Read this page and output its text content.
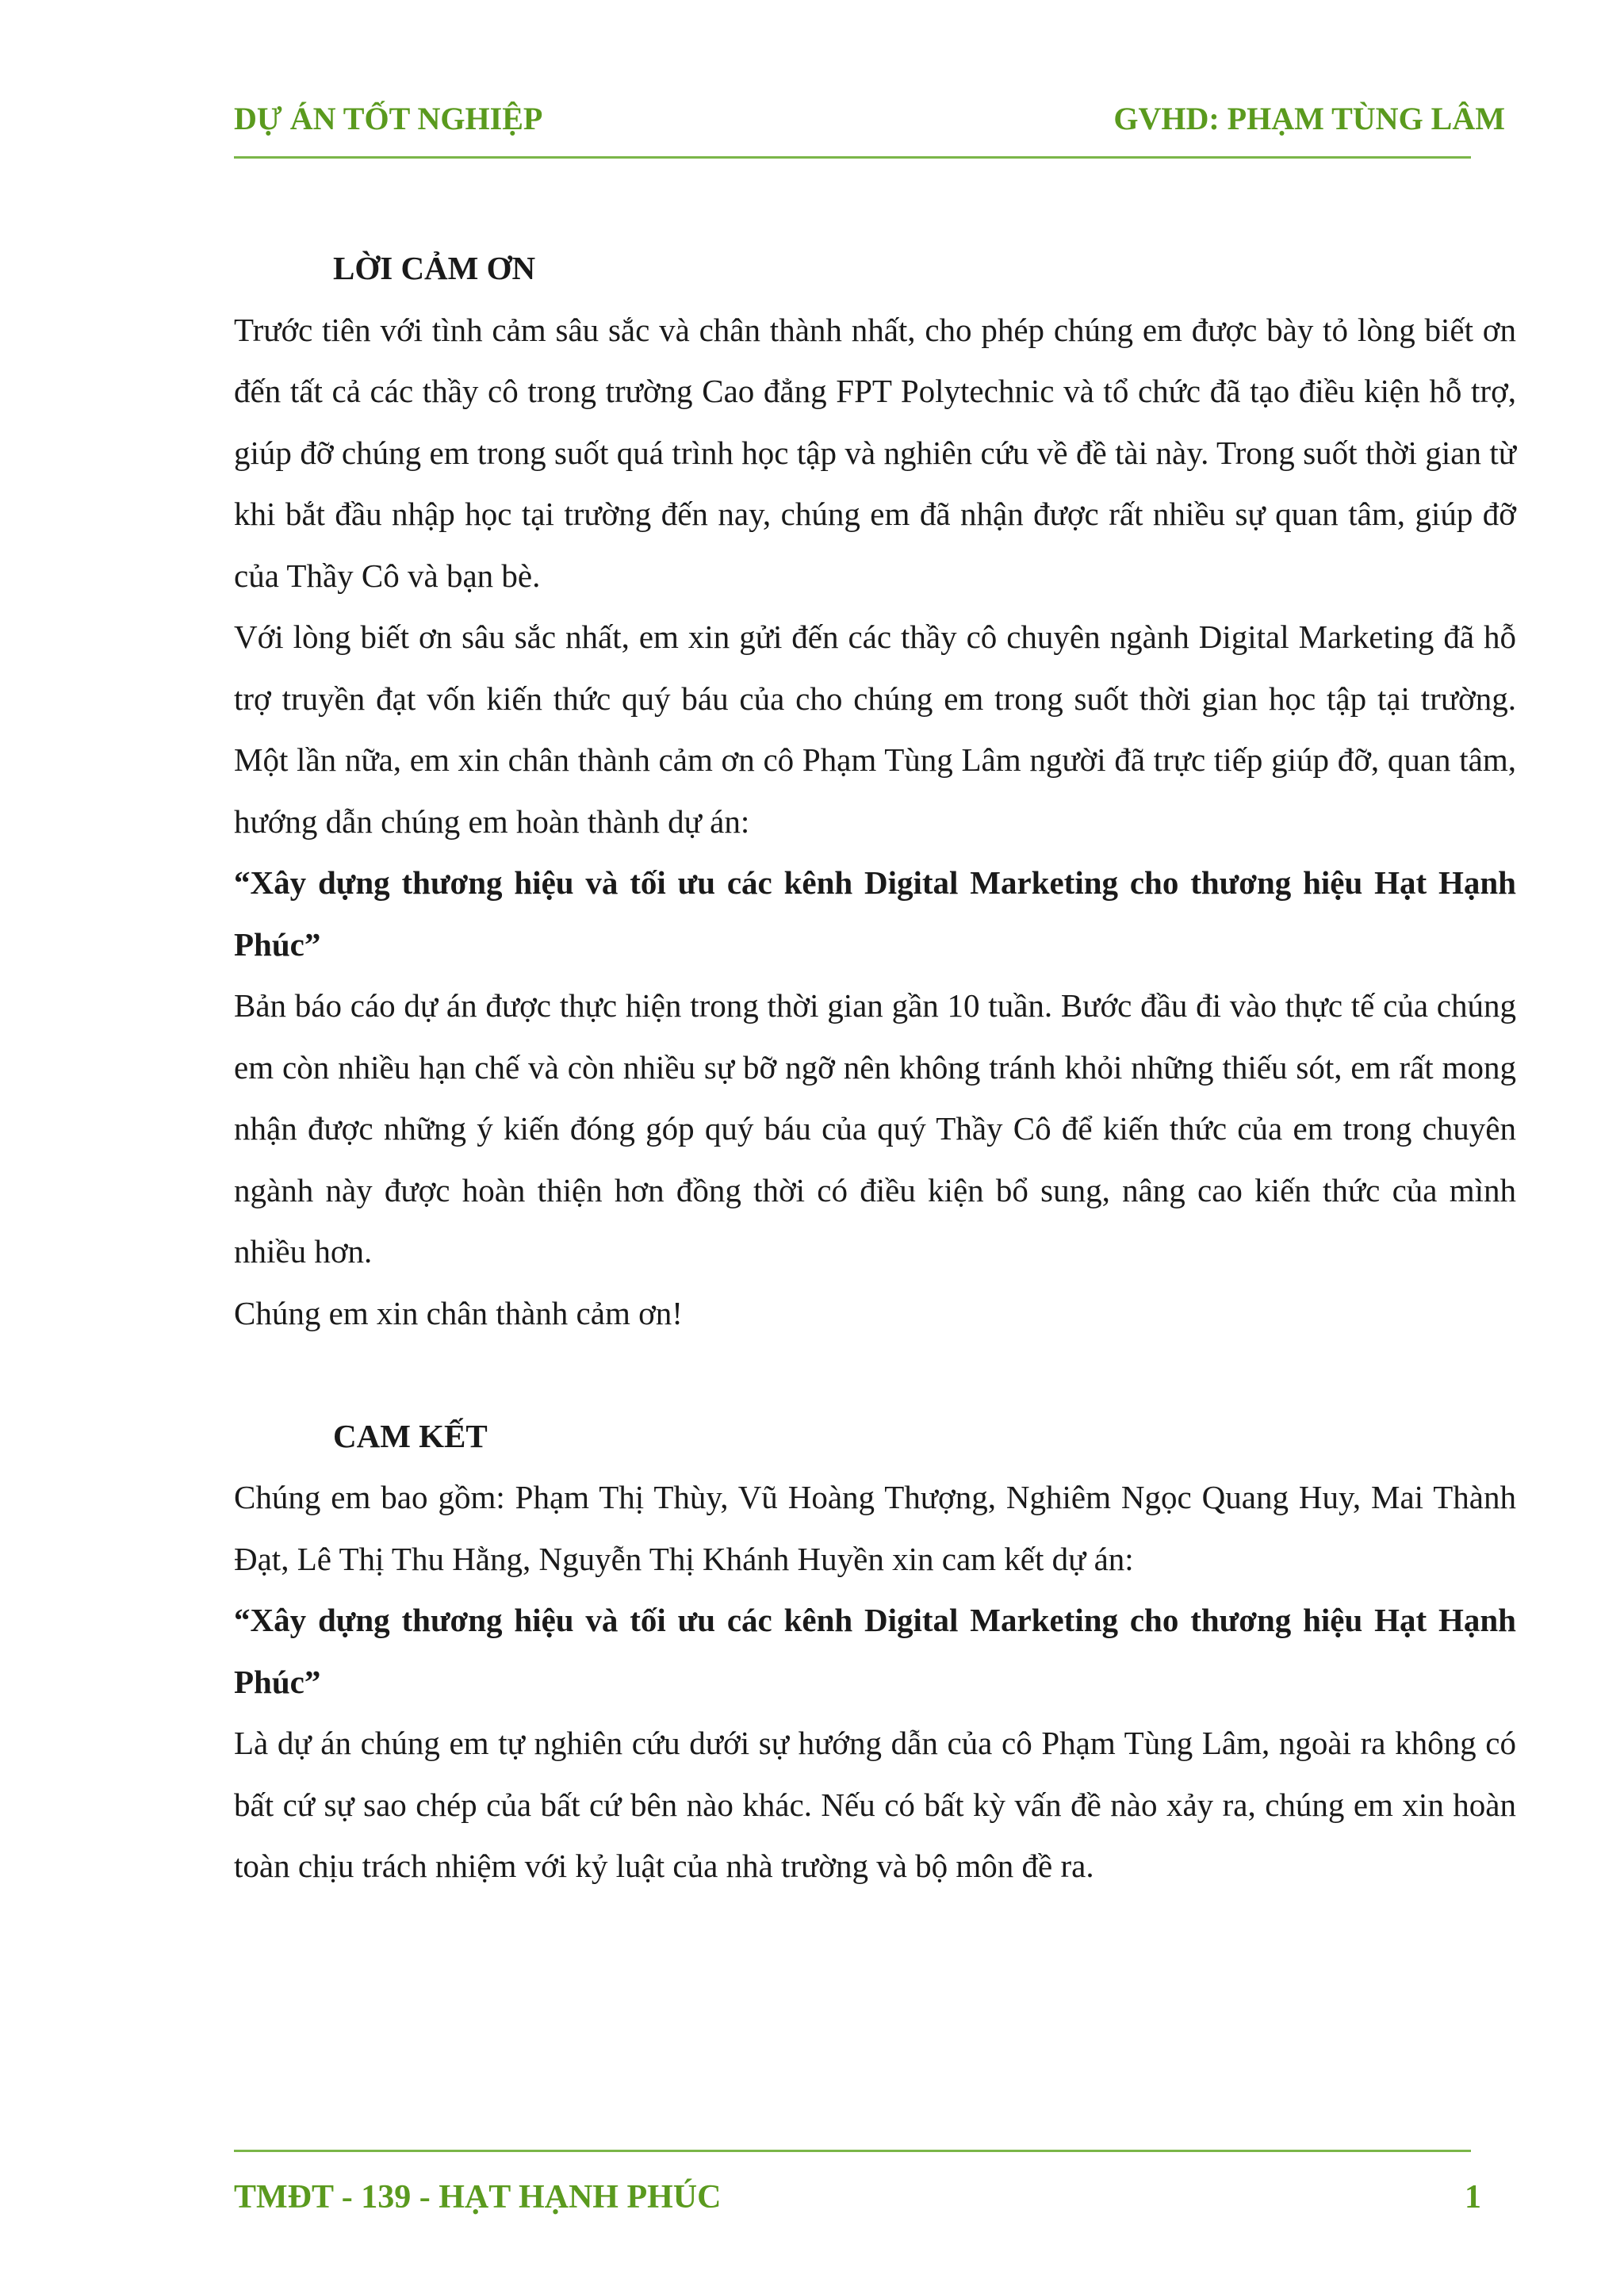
DỰ ÁN TỐT NGHIỆP	GVHD: PHẠM TÙNG LÂM

LỜI CẢM ƠN

Trước tiên với tình cảm sâu sắc và chân thành nhất, cho phép chúng em được bày tỏ lòng biết ơn đến tất cả các thầy cô trong trường Cao đẳng FPT Polytechnic và tổ chức đã tạo điều kiện hỗ trợ, giúp đỡ chúng em trong suốt quá trình học tập và nghiên cứu về đề tài này. Trong suốt thời gian từ khi bắt đầu nhập học tại trường đến nay, chúng em đã nhận được rất nhiều sự quan tâm, giúp đỡ của Thầy Cô và bạn bè.

Với lòng biết ơn sâu sắc nhất, em xin gửi đến các thầy cô chuyên ngành Digital Marketing đã hỗ trợ truyền đạt vốn kiến thức quý báu của cho chúng em trong suốt thời gian học tập tại trường. Một lần nữa, em xin chân thành cảm ơn cô Phạm Tùng Lâm người đã trực tiếp giúp đỡ, quan tâm, hướng dẫn chúng em hoàn thành dự án:

“Xây dựng thương hiệu và tối ưu các kênh Digital Marketing cho thương hiệu Hạt Hạnh Phúc”

Bản báo cáo dự án được thực hiện trong thời gian gần 10 tuần. Bước đầu đi vào thực tế của chúng em còn nhiều hạn chế và còn nhiều sự bỡ ngỡ nên không tránh khỏi những thiếu sót, em rất mong nhận được những ý kiến đóng góp quý báu của quý Thầy Cô để kiến thức của em trong chuyên ngành này được hoàn thiện hơn đồng thời có điều kiện bổ sung, nâng cao kiến thức của mình nhiều hơn.

Chúng em xin chân thành cảm ơn!

CAM KẾT

Chúng em bao gồm: Phạm Thị Thùy, Vũ Hoàng Thượng, Nghiêm Ngọc Quang Huy, Mai Thành Đạt, Lê Thị Thu Hằng, Nguyễn Thị Khánh Huyền xin cam kết dự án:

“Xây dựng thương hiệu và tối ưu các kênh Digital Marketing cho thương hiệu Hạt Hạnh Phúc”

Là dự án chúng em tự nghiên cứu dưới sự hướng dẫn của cô Phạm Tùng Lâm, ngoài ra không có bất cứ sự sao chép của bất cứ bên nào khác. Nếu có bất kỳ vấn đề nào xảy ra, chúng em xin hoàn toàn chịu trách nhiệm với kỷ luật của nhà trường và bộ môn đề ra.

TMĐT - 139 - HẠT HẠNH PHÚC	1
